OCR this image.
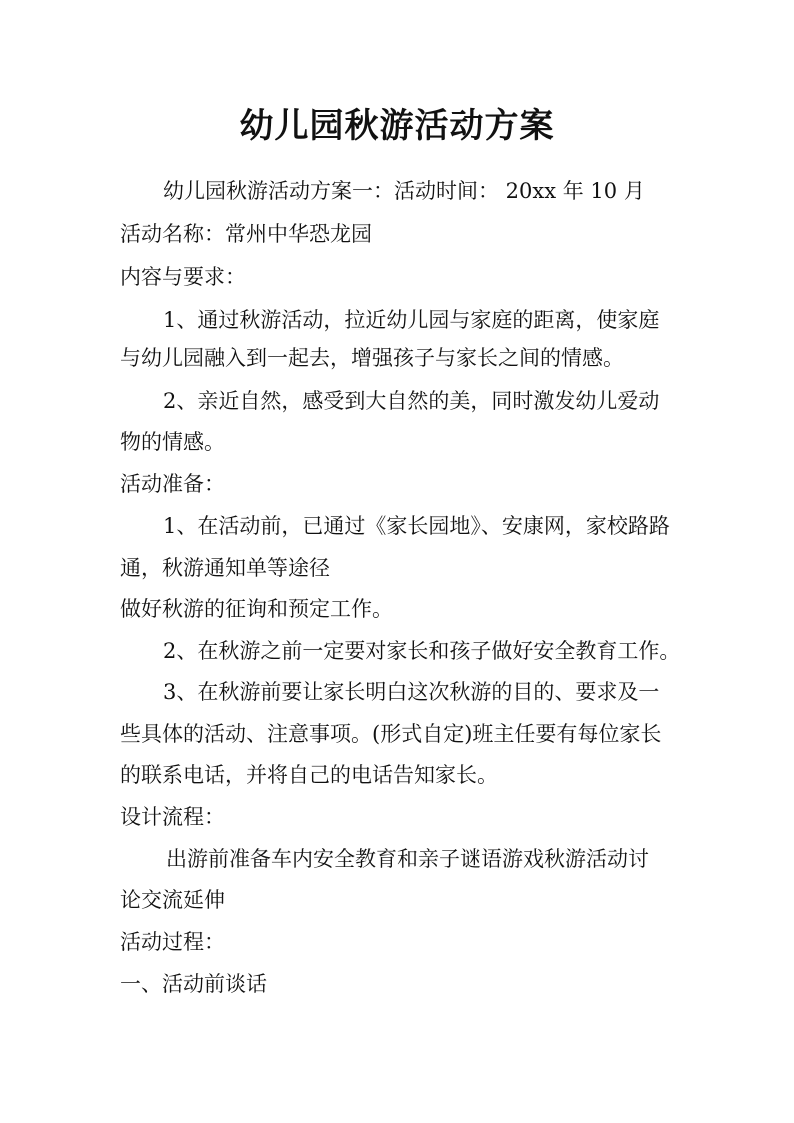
幼儿园秋游活动方案

幼儿园秋游活动方案一：活动时间： 20xx 年 10 月

活动名称：常州中华恐龙园

内容与要求：

1、通过秋游活动，拉近幼儿园与家庭的距离，使家庭

与幼儿园融入到一起去，增强孩子与家长之间的情感。

2、亲近自然，感受到大自然的美，同时激发幼儿爱动

物的情感。

活动准备：

1、在活动前，已通过《家长园地》、安康网，家校路路

通，秋游通知单等途径

做好秋游的征询和预定工作。

2、在秋游之前一定要对家长和孩子做好安全教育工作。

3、在秋游前要让家长明白这次秋游的目的、要求及一

些具体的活动、注意事项。(形式自定)班主任要有每位家长

的联系电话，并将自己的电话告知家长。

设计流程：

出游前准备车内安全教育和亲子谜语游戏秋游活动讨

论交流延伸

活动过程：

一、活动前谈话
